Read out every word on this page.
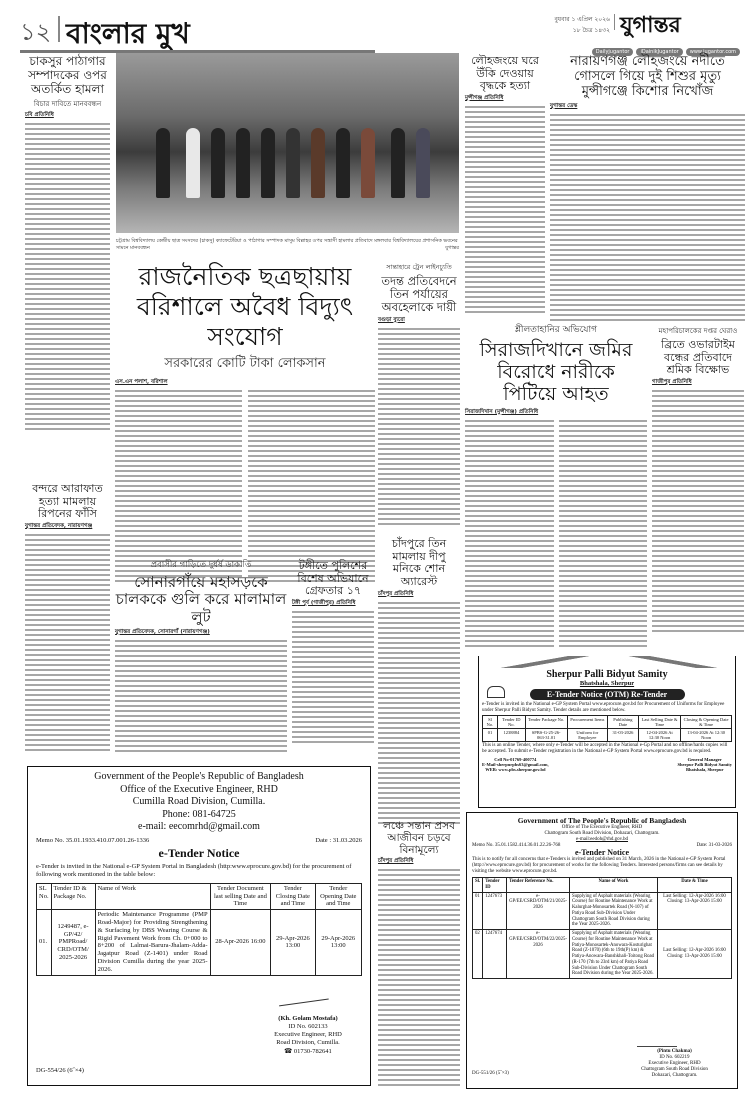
১২ বাংলার মুখ	বুধবার ১ এপ্রিল ২০২৬
১৮ চৈত্র ১৪৩২ যুগান্তর
Dailyjugantor iDainikJugantor www.jugantor.com
চাকসুর পাঠাগার সম্পাদকের ওপর অতর্কিত হামলা
বিচার দাবিতে মানববন্ধন
চবি প্রতিনিধি
বন্দরে আরাফাত হত্যা মামলায় রিপনের ফাঁসি
যুগান্তর প্রতিবেদক, নারায়ণগঞ্জ
চট্টগ্রাম বিশ্ববিদ্যালয় কেন্দ্রীয় ছাত্র সংসদের (চাকসু) ক্যাফেটেরিয়া ও পাঠাগার সম্পাদক মাসুম বিল্লাহর ওপর সন্ত্রাসী হামলার প্রতিবাদে মঙ্গলবার বিশ্ববিদ্যালয়ের প্রশাসনিক ভবনের সামনে মানববন্ধন	যুগান্তর
রাজনৈতিক ছত্রছায়ায় বরিশালে অবৈধ বিদ্যুৎ সংযোগ
সরকারের কোটি টাকা লোকসান
এস.এন পলাশ, বরিশাল
প্রবাসীর গাড়িতে দুর্ধর্ষ ডাকাতি
সোনারগাঁয়ে মহাসড়কে চালককে গুলি করে মালামাল লুট
যুগান্তর প্রতিবেদক, সোনারগাঁ (নারায়ণগঞ্জ)
টঙ্গীতে পুলিশের বিশেষ অভিযানে গ্রেফতার ১৭
টঙ্গী পূর্ব (গাজীপুর) প্রতিনিধি
সান্তাহারে ট্রেন লাইনচ্যুতি
তদন্ত প্রতিবেদনে তিন পর্যায়ের অবহেলাকে দায়ী
বগুড়া ব্যুরো
চাঁদপুরে তিন মামলায় দীপু মনিকে শোন অ্যারেস্ট
চাঁদপুর প্রতিনিধি
লঞ্চে সন্তান প্রসব আজীবন চড়বে বিনামূল্যে
চাঁদপুর প্রতিনিধি
লৌহজংয়ে ঘরে উঁকি দেওয়ায় বৃদ্ধকে হত্যা
মুন্সীগঞ্জ প্রতিনিধি
নারায়ণগঞ্জ লৌহজংয়ে নদীতে গোসলে গিয়ে দুই শিশুর মৃত্যু মুন্সীগঞ্জে কিশোর নিখোঁজ
যুগান্তর ডেস্ক
শ্লীলতাহানির অভিযোগ
সিরাজদিখানে জমির বিরোধে নারীকে পিটিয়ে আহত
সিরাজদিখান (মুন্সীগঞ্জ) প্রতিনিধি
মহাপরিচালকের দপ্তর ঘেরাও
ব্রিতে ওভারটাইম বন্ধের প্রতিবাদে শ্রমিক বিক্ষোভ
গাজীপুর প্রতিনিধি
Sherpur Palli Bidyut Samity
Bhatshala, Sherpur
E-Tender Notice (OTM) Re-Tender
e-Tender is invited in the National e-GP System Portal www.eprocure.gov.bd for Procurement of Uniforms for Employee under Sherpur Palli Bidyut Samity. Tender details are mentioned below.
Sl No.	Tender ID No.	Tender Package No.	Procurement Items	Publishing Date	Last Selling Date & Time	Closing & Opening Date & Time
01	1238884	SPBS-G-25-26-063-31.01	Uniform for Employee	31-03-2026	12-04-2026 At 12:30 Noon	13-04-2026 At 12:30 Noon
This is an online Tender, where only e-Tender will be accepted in the National e-Gp Portal and no offline/hards copies will be accepted. To submit e-Tender registration in the National e-GP System Portal www.eprocure.gov.bd is required.
Cell No-01769-400774
E-Mail-sherpurpbs63@gmail.com,
WEB: www.pbs.sherpur.gov.bd
General Manager
Sherpur Palli Bidyut Samity
Bhatshala, Sherpur
Government of the People's Republic of Bangladesh
Office of the Executive Engineer, RHD
Cumilla Road Division, Cumilla.
Phone: 081-64725
e-mail: eecomrhd@gmail.com
Memo No. 35.01.1933.410.07.001.26-1336	Date : 31.03.2026
e-Tender Notice
e-Tender is invited in the National e-GP System Portal in Bangladesh (http:www.eprocure.gov.bd) for the procurement of following work mentioned in the table below:
SL No.	Tender ID & Package No.	Name of Work	Tender Document last selling Date and Time	Tender Closing Date and Time	Tender Opening Date and Time
01.	1249487, e-GP/42/ PMPRoad/ CRD/OTM/ 2025-2026	Periodic Maintenance Programme (PMP Road-Major) for Providing Strengthening & Surfacing by DBS Wearing Course & Rigid Pavement Work from Ch. 0+000 to 8+200 of Lalmai-Barura-Jhalam-Adda-Jagatpur Road (Z-1401) under Road Division Cumilla during the year 2025-2026.	28-Apr-2026 16:00	29-Apr-2026 13:00	29-Apr-2026 13:00
(Kh. Golam Mostafa)
ID No. 602133
Executive Engineer, RHD
Road Division, Cumilla.
☎ 01730-782641
DG-554/26 (6˝×4)
Government of The People's Republic of Bangladesh
Office of The Executive Engineer, RHD
Chattogram South Road Division, Dohazari, Chattogram.
e-mail:eedoh@rhd.gov.bd
Memo No. 35.01.1582.414.36.01.22.26-768	Date: 31-03-2026
e-Tender Notice
This is to notify for all concerns that e-Tenders is invited and published on 31 March, 2026 in the National e-GP System Portal (http://www.eprocure.gov.bd) for procurement of works for the following Tenders. Interested persons/firms can see details by visiting the website www.eprocure.gov.bd.
Sl.	Tender ID	Tender Reference No.	Name of Work	Date & Time
01	1247673	e-GP/EE/CSRD/OTM/21/2025-2026	Supplying of Asphalt materials (Wearing Course) for Routine Maintenance Work at Kalurghat-Monosartek Road (N-107) of Patiya Road Sub-Division Under Chattogram South Road Division during the Year 2025-2026.	Last Selling: 12-Apr-2026 16:00 Closing: 13-Apr-2026 15:00
02	1247674	e-GP/EE/CSRD/OTM/22/2025-2026	Supplying of Asphalt materials (Wearing Course) for Routine Maintenance Work at Patiya-Monosartek-Anowara-Kosturighat Road (Z-1070) (6th to 19th(P) km) & Patiya-Anowara-Banshkhali-Toitong Road (R-170 (7th to 23rd km) of Patiya Road Sub-Division Under Chattogram South Road Division during the Year 2025-2026.	Last Selling: 12-Apr-2026 16:00 Closing: 13-Apr-2026 15:00
(Pintu Chakma)
ID No. 602219
Executive Engineer, RHD
Chattogram South Road Division
Dohazari, Chattogram.
DG-551/26 (5˝×3)
